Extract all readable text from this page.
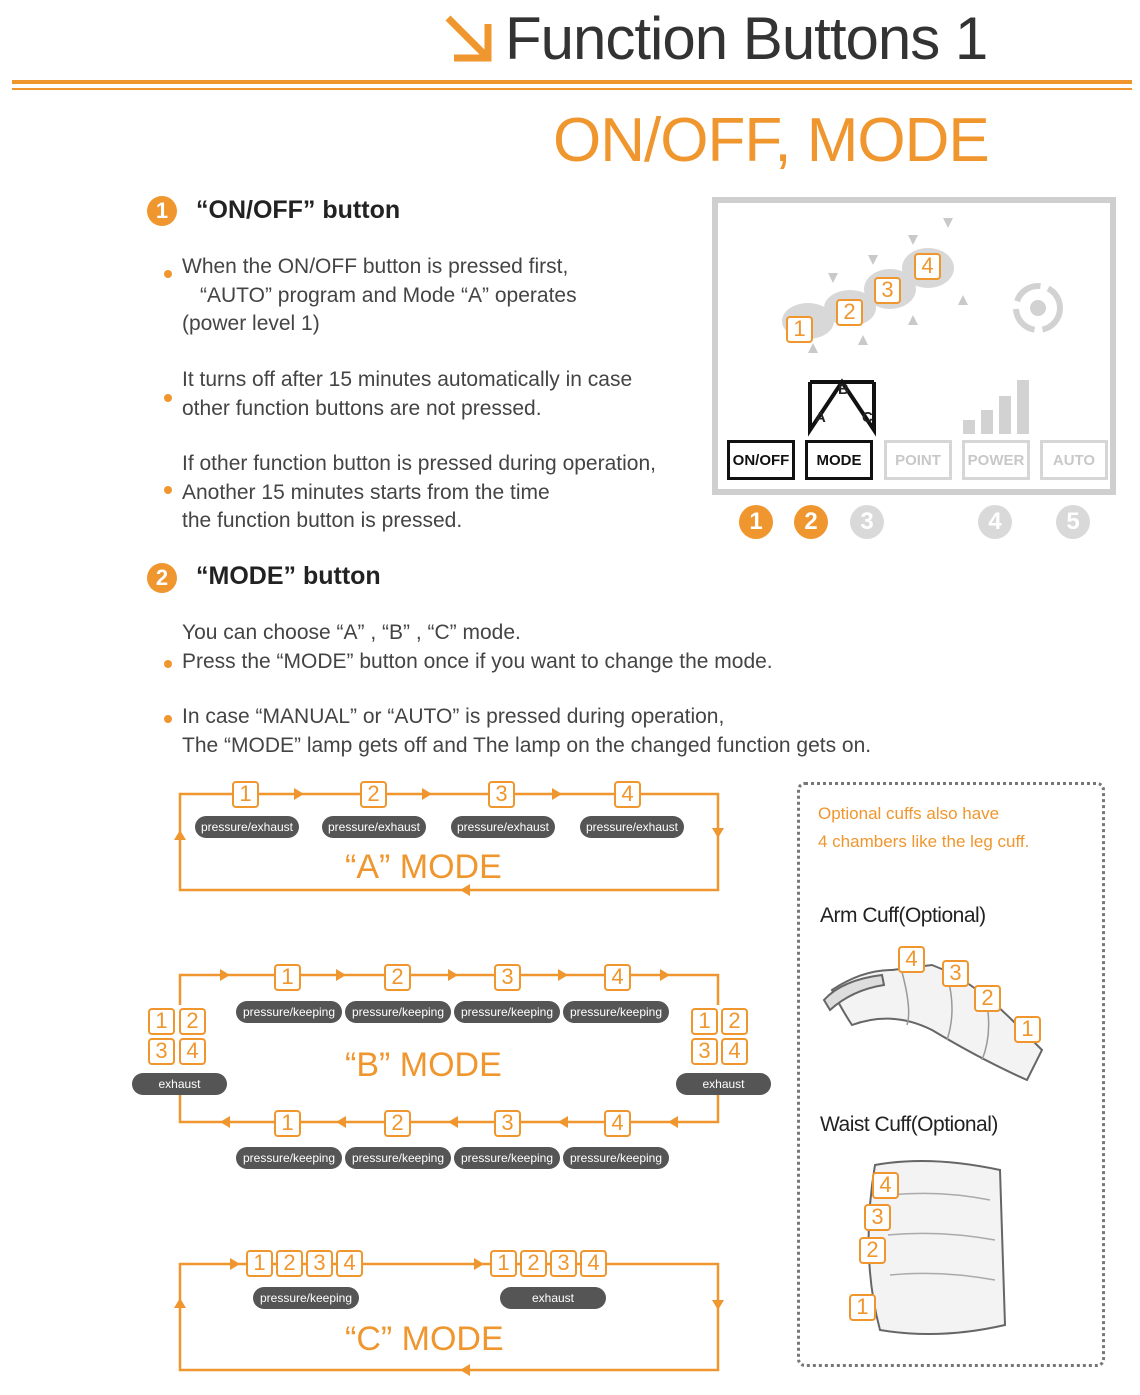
Function Buttons 1
ON/OFF, MODE
1	“ON/OFF” button
When the ON/OFF button is pressed first,
“AUTO” program and Mode “A” operates
(power level 1)
It turns off after 15 minutes automatically in case
other function buttons are not pressed.
If other function button is pressed during operation,
Another 15 minutes starts from the time
the function button is pressed.
1
2
3
4
B
A C
ON/OFF	MODE	POINT	POWER	AUTO
1	2	3	4	5
2	“MODE” button
You can choose “A” , “B” , “C” mode.
Press the “MODE” button once if you want to change the mode.
In case “MANUAL” or “AUTO” is pressed during operation,
The “MODE” lamp gets off and The lamp on the changed function gets on.
1	2	3	4
pressure/exhaust	pressure/exhaust	pressure/exhaust	pressure/exhaust
“A” MODE
1	2	3	4
pressure/keeping	pressure/keeping	pressure/keeping	pressure/keeping
1 2
3 4
exhaust
1 2
3 4
exhaust
“B” MODE
1	2	3	4
pressure/keeping	pressure/keeping	pressure/keeping	pressure/keeping
1 2 3 4	1 2 3 4
pressure/keeping	exhaust
“C” MODE
Optional cuffs also have
4 chambers like the leg cuff.
Arm Cuff(Optional)
4
3
2
1
Waist Cuff(Optional)
4
3
2
1
